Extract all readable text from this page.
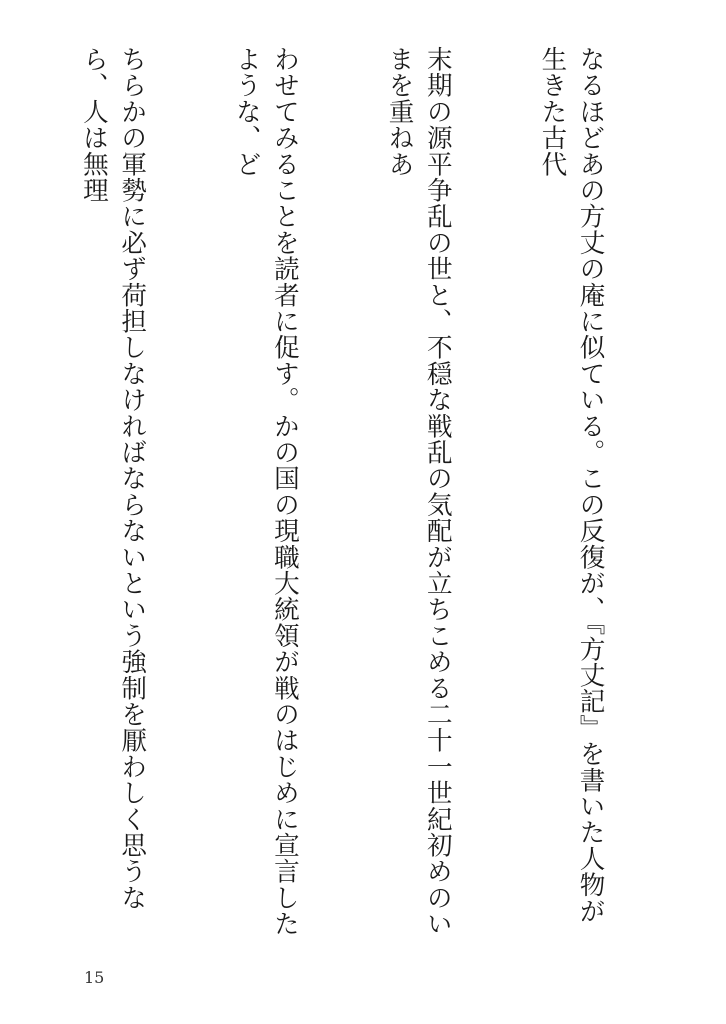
なるほどあの方丈の庵に似ている。この反復が、『方丈記』を書いた人物が生きた古代

末期の源平争乱の世と、不穏な戦乱の気配が立ちこめる二十一世紀初めのいまを重ねあ

わせてみることを読者に促す。かの国の現職大統領が戦のはじめに宣言したような、ど

ちらかの軍勢に必ず荷担しなければならないという強制を厭わしく思うなら、人は無理

15
